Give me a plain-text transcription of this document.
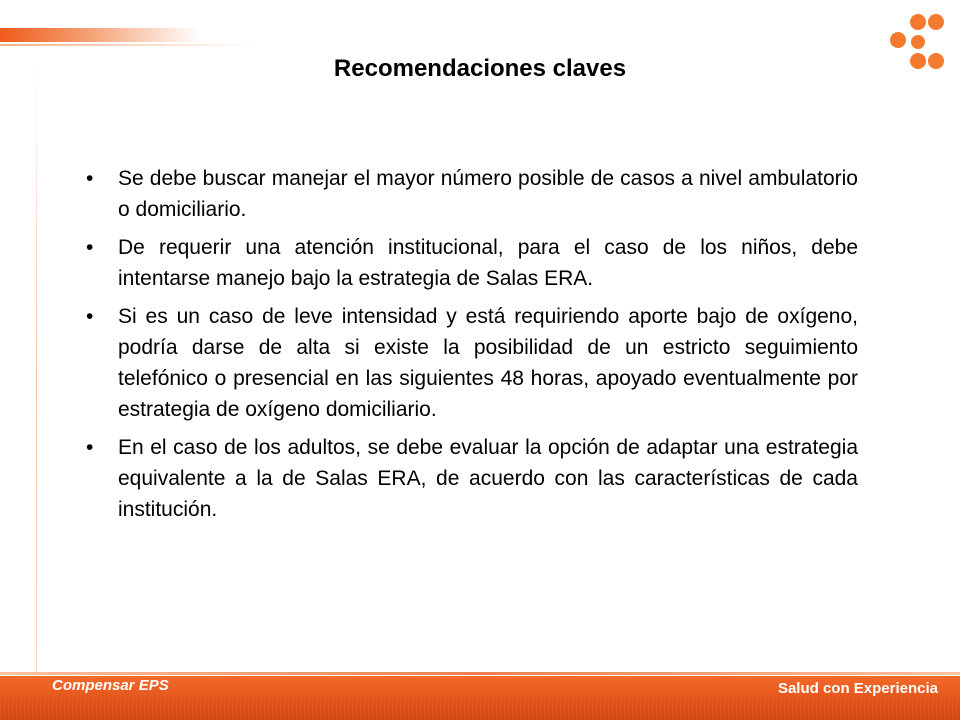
Recomendaciones claves
• Se debe buscar manejar el mayor número posible de casos a nivel ambulatorio o domiciliario.
• De requerir una atención institucional, para el caso de los niños, debe intentarse manejo bajo la estrategia de Salas ERA.
• Si es un caso de leve intensidad y está requiriendo aporte bajo de oxígeno, podría darse de alta si existe la posibilidad de un estricto seguimiento telefónico o presencial en las siguientes 48 horas, apoyado eventualmente por estrategia de oxígeno domiciliario.
• En el caso de los adultos, se debe evaluar la opción de adaptar una estrategia equivalente a la de Salas ERA, de acuerdo con las características de cada institución.
Compensar EPS	Salud con Experiencia
